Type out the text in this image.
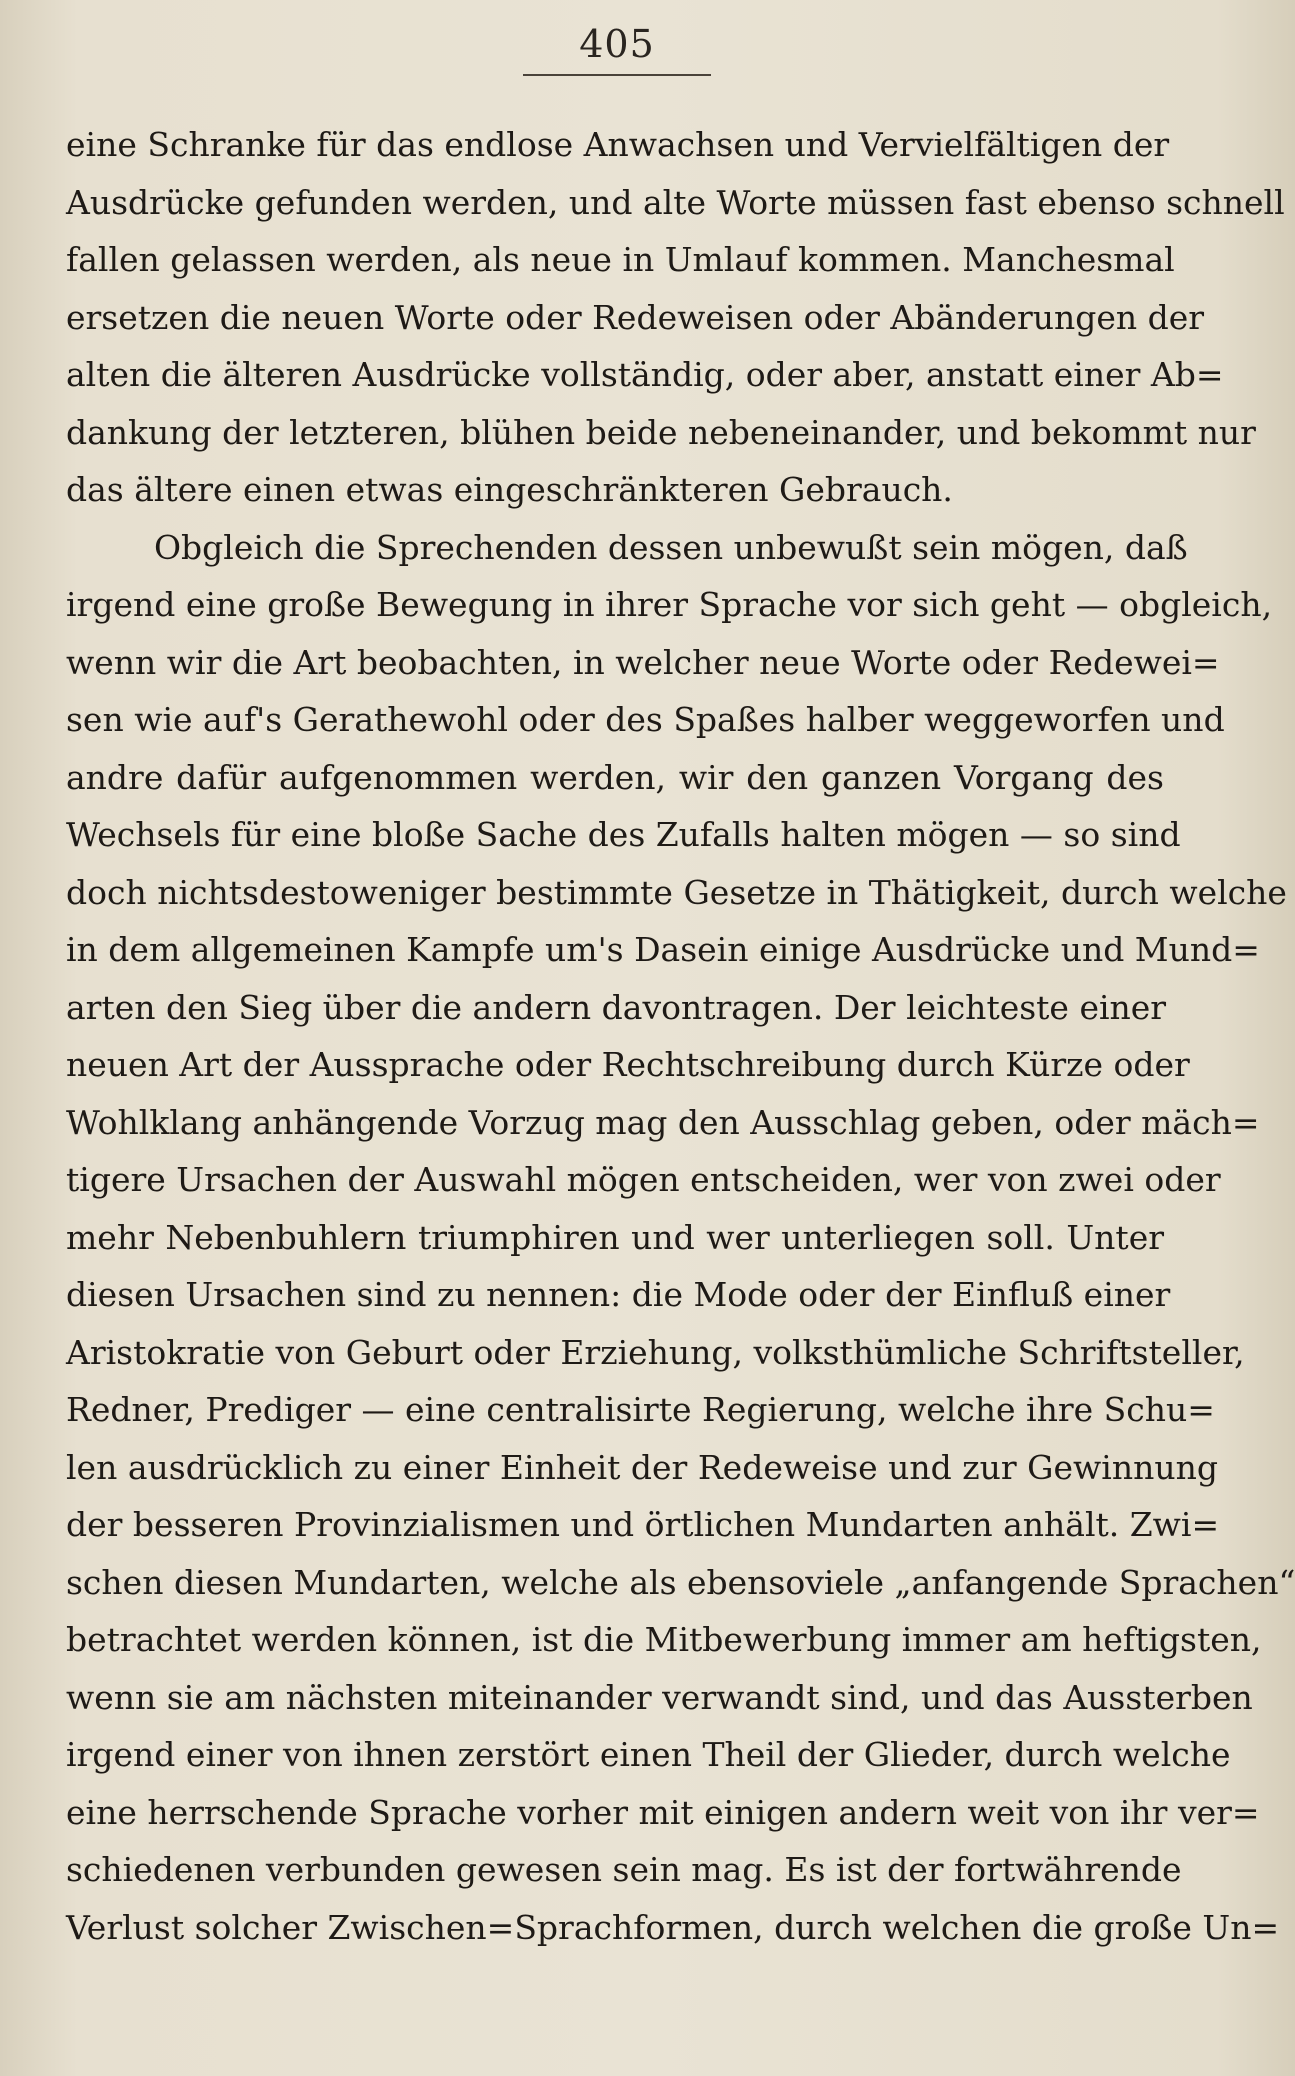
405
eine Schranke für das endlose Anwachsen und Vervielfältigen der
Ausdrücke gefunden werden, und alte Worte müssen fast ebenso schnell
fallen gelassen werden, als neue in Umlauf kommen. Manchesmal
ersetzen die neuen Worte oder Redeweisen oder Abänderungen der
alten die älteren Ausdrücke vollständig, oder aber, anstatt einer Ab=
dankung der letzteren, blühen beide nebeneinander, und bekommt nur
das ältere einen etwas eingeschränkteren Gebrauch.
Obgleich die Sprechenden dessen unbewußt sein mögen, daß
irgend eine große Bewegung in ihrer Sprache vor sich geht — obgleich,
wenn wir die Art beobachten, in welcher neue Worte oder Redewei=
sen wie auf's Gerathewohl oder des Spaßes halber weggeworfen und
andre dafür aufgenommen werden, wir den ganzen Vorgang des
Wechsels für eine bloße Sache des Zufalls halten mögen — so sind
doch nichtsdestoweniger bestimmte Gesetze in Thätigkeit, durch welche
in dem allgemeinen Kampfe um's Dasein einige Ausdrücke und Mund=
arten den Sieg über die andern davontragen. Der leichteste einer
neuen Art der Aussprache oder Rechtschreibung durch Kürze oder
Wohlklang anhängende Vorzug mag den Ausschlag geben, oder mäch=
tigere Ursachen der Auswahl mögen entscheiden, wer von zwei oder
mehr Nebenbuhlern triumphiren und wer unterliegen soll. Unter
diesen Ursachen sind zu nennen: die Mode oder der Einfluß einer
Aristokratie von Geburt oder Erziehung, volksthümliche Schriftsteller,
Redner, Prediger — eine centralisirte Regierung, welche ihre Schu=
len ausdrücklich zu einer Einheit der Redeweise und zur Gewinnung
der besseren Provinzialismen und örtlichen Mundarten anhält. Zwi=
schen diesen Mundarten, welche als ebensoviele „anfangende Sprachen“
betrachtet werden können, ist die Mitbewerbung immer am heftigsten,
wenn sie am nächsten miteinander verwandt sind, und das Aussterben
irgend einer von ihnen zerstört einen Theil der Glieder, durch welche
eine herrschende Sprache vorher mit einigen andern weit von ihr ver=
schiedenen verbunden gewesen sein mag. Es ist der fortwährende
Verlust solcher Zwischen=Sprachformen, durch welchen die große Un=
